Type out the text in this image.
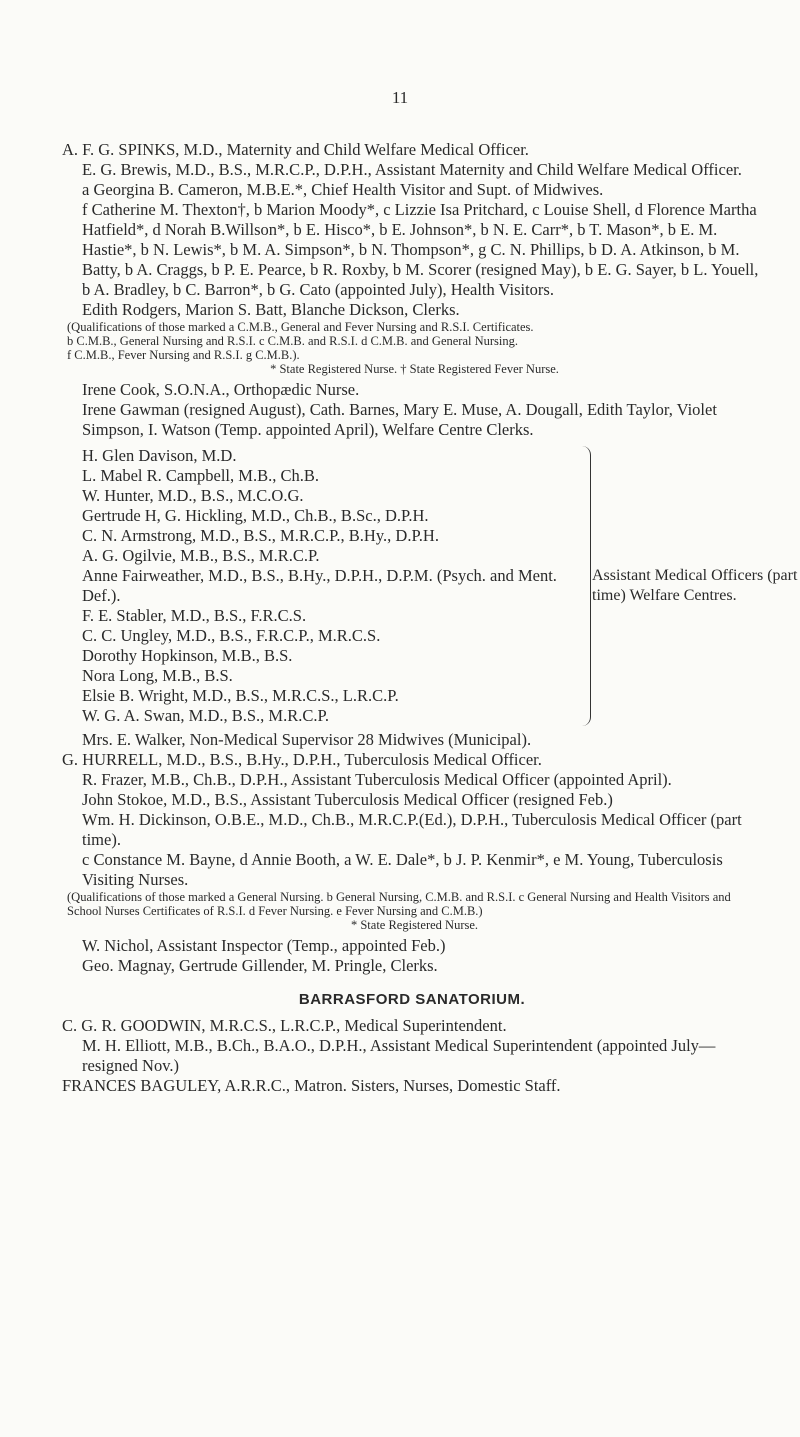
11

A. F. G. SPINKS, M.D., Maternity and Child Welfare Medical Officer.

E. G. Brewis, M.D., B.S., M.R.C.P., D.P.H., Assistant Maternity and Child Welfare Medical Officer.

a Georgina B. Cameron, M.B.E.*, Chief Health Visitor and Supt. of Midwives.

f Catherine M. Thexton†, b Marion Moody*, c Lizzie Isa Pritchard, c Louise Shell, d Florence Martha Hatfield*, d Norah B.Willson*, b E. Hisco*, b E. Johnson*, b N. E. Carr*, b T. Mason*, b E. M. Hastie*, b N. Lewis*, b M. A. Simpson*, b N. Thompson*, g C. N. Phillips, b D. A. Atkinson, b M. Batty, b A. Craggs, b P. E. Pearce, b R. Roxby, b M. Scorer (resigned May), b E. G. Sayer, b L. Youell, b A. Bradley, b C. Barron*, b G. Cato (appointed July), Health Visitors.

Edith Rodgers, Marion S. Batt, Blanche Dickson, Clerks.

(Qualifications of those marked a C.M.B., General and Fever Nursing and R.S.I. Certificates.
b C.M.B., General Nursing and R.S.I. c C.M.B. and R.S.I. d C.M.B. and General Nursing.
f C.M.B., Fever Nursing and R.S.I. g C.M.B.).
* State Registered Nurse. † State Registered Fever Nurse.

Irene Cook, S.O.N.A., Orthopædic Nurse.

Irene Gawman (resigned August), Cath. Barnes, Mary E. Muse, A. Dougall, Edith Taylor, Violet Simpson, I. Watson (Temp. appointed April), Welfare Centre Clerks.

H. Glen Davison, M.D.

L. Mabel R. Campbell, M.B., Ch.B.

W. Hunter, M.D., B.S., M.C.O.G.

Gertrude H, G. Hickling, M.D., Ch.B., B.Sc., D.P.H.

C. N. Armstrong, M.D., B.S., M.R.C.P., B.Hy., D.P.H.

A. G. Ogilvie, M.B., B.S., M.R.C.P.

Anne Fairweather, M.D., B.S., B.Hy., D.P.H., D.P.M. (Psych. and Ment. Def.).

F. E. Stabler, M.D., B.S., F.R.C.S.

C. C. Ungley, M.D., B.S., F.R.C.P., M.R.C.S.

Dorothy Hopkinson, M.B., B.S.

Nora Long, M.B., B.S.

Elsie B. Wright, M.D., B.S., M.R.C.S., L.R.C.P.

W. G. A. Swan, M.D., B.S., M.R.C.P.

Assistant Medical Officers (part time) Welfare Centres.

Mrs. E. Walker, Non-Medical Supervisor 28 Midwives (Municipal).

G. HURRELL, M.D., B.S., B.Hy., D.P.H., Tuberculosis Medical Officer.

R. Frazer, M.B., Ch.B., D.P.H., Assistant Tuberculosis Medical Officer (appointed April).

John Stokoe, M.D., B.S., Assistant Tuberculosis Medical Officer (resigned Feb.)

Wm. H. Dickinson, O.B.E., M.D., Ch.B., M.R.C.P.(Ed.), D.P.H., Tuberculosis Medical Officer (part time).

c Constance M. Bayne, d Annie Booth, a W. E. Dale*, b J. P. Kenmir*, e M. Young, Tuberculosis Visiting Nurses.

(Qualifications of those marked a General Nursing. b General Nursing, C.M.B. and R.S.I. c General Nursing and Health Visitors and School Nurses Certificates of R.S.I. d Fever Nursing. e Fever Nursing and C.M.B.)
* State Registered Nurse.

W. Nichol, Assistant Inspector (Temp., appointed Feb.)

Geo. Magnay, Gertrude Gillender, M. Pringle, Clerks.

BARRASFORD SANATORIUM.

C. G. R. GOODWIN, M.R.C.S., L.R.C.P., Medical Superintendent.

M. H. Elliott, M.B., B.Ch., B.A.O., D.P.H., Assistant Medical Superintendent (appointed July—resigned Nov.)

FRANCES BAGULEY, A.R.R.C., Matron. Sisters, Nurses, Domestic Staff.
